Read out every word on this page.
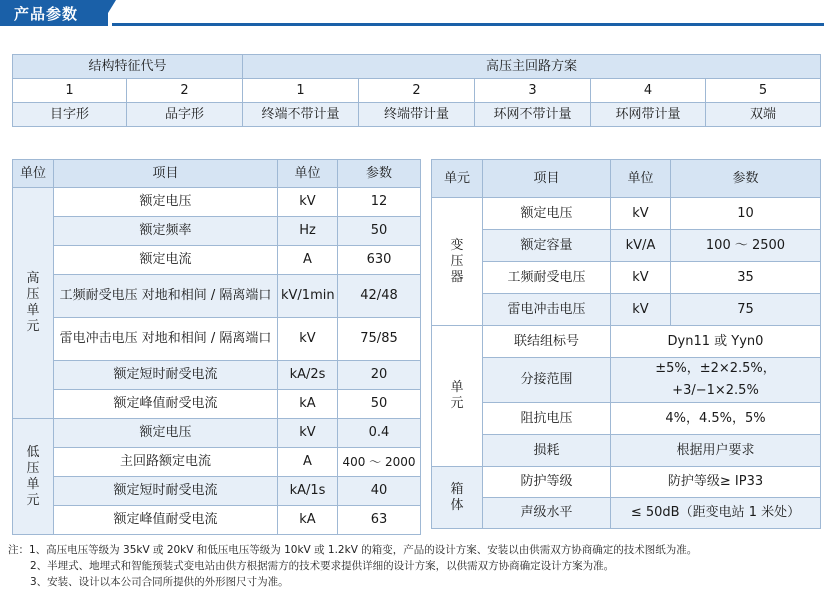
产品参数
结构特征代号		高压主回路方案				
1	2	1	2	3	4	5
目字形	品字形	终端不带计量	终端带计量	环网不带计量	环网带计量	双端
单位	项目	单位	参数
高压单元	额定电压	kV	12
	额定频率	Hz	50
	额定电流	A	630
	工频耐受电压 对地和相间 / 隔离端口	kV/1min	42/48
	雷电冲击电压 对地和相间 / 隔离端口	kV	75/85
	额定短时耐受电流	kA/2s	20
	额定峰值耐受电流	kA	50
低压单元	额定电压	kV	0.4
	主回路额定电流	A	400 ～ 2000
	额定短时耐受电流	kA/1s	40
	额定峰值耐受电流	kA	63
单元	项目	单位	参数
变压器	额定电压	kV	10
	额定容量	kV/A	100 ～ 2500
	工频耐受电压	kV	35
	雷电冲击电压	kV	75
单元	联结组标号	Dyn11 或 Yyn0	
	分接范围	±5%，±2×2.5%，
+3/−1×2.5%	

	阻抗电压	4%，4.5%，5%	
	损耗	根据用户要求	
箱体	防护等级	防护等级≥ IP33	
	声级水平	≤ 50dB（距变电站 1 米处）	
注：1、高压电压等级为 35kV 或 20kV 和低压电压等级为 10kV 或 1.2kV 的箱变，产品的设计方案、安装以由供需双方协商确定的技术图纸为准。
2、半埋式、地埋式和智能预装式变电站由供方根据需方的技术要求提供详细的设计方案，以供需双方协商确定设计方案为准。
3、安装、设计以本公司合同所提供的外形图尺寸为准。
